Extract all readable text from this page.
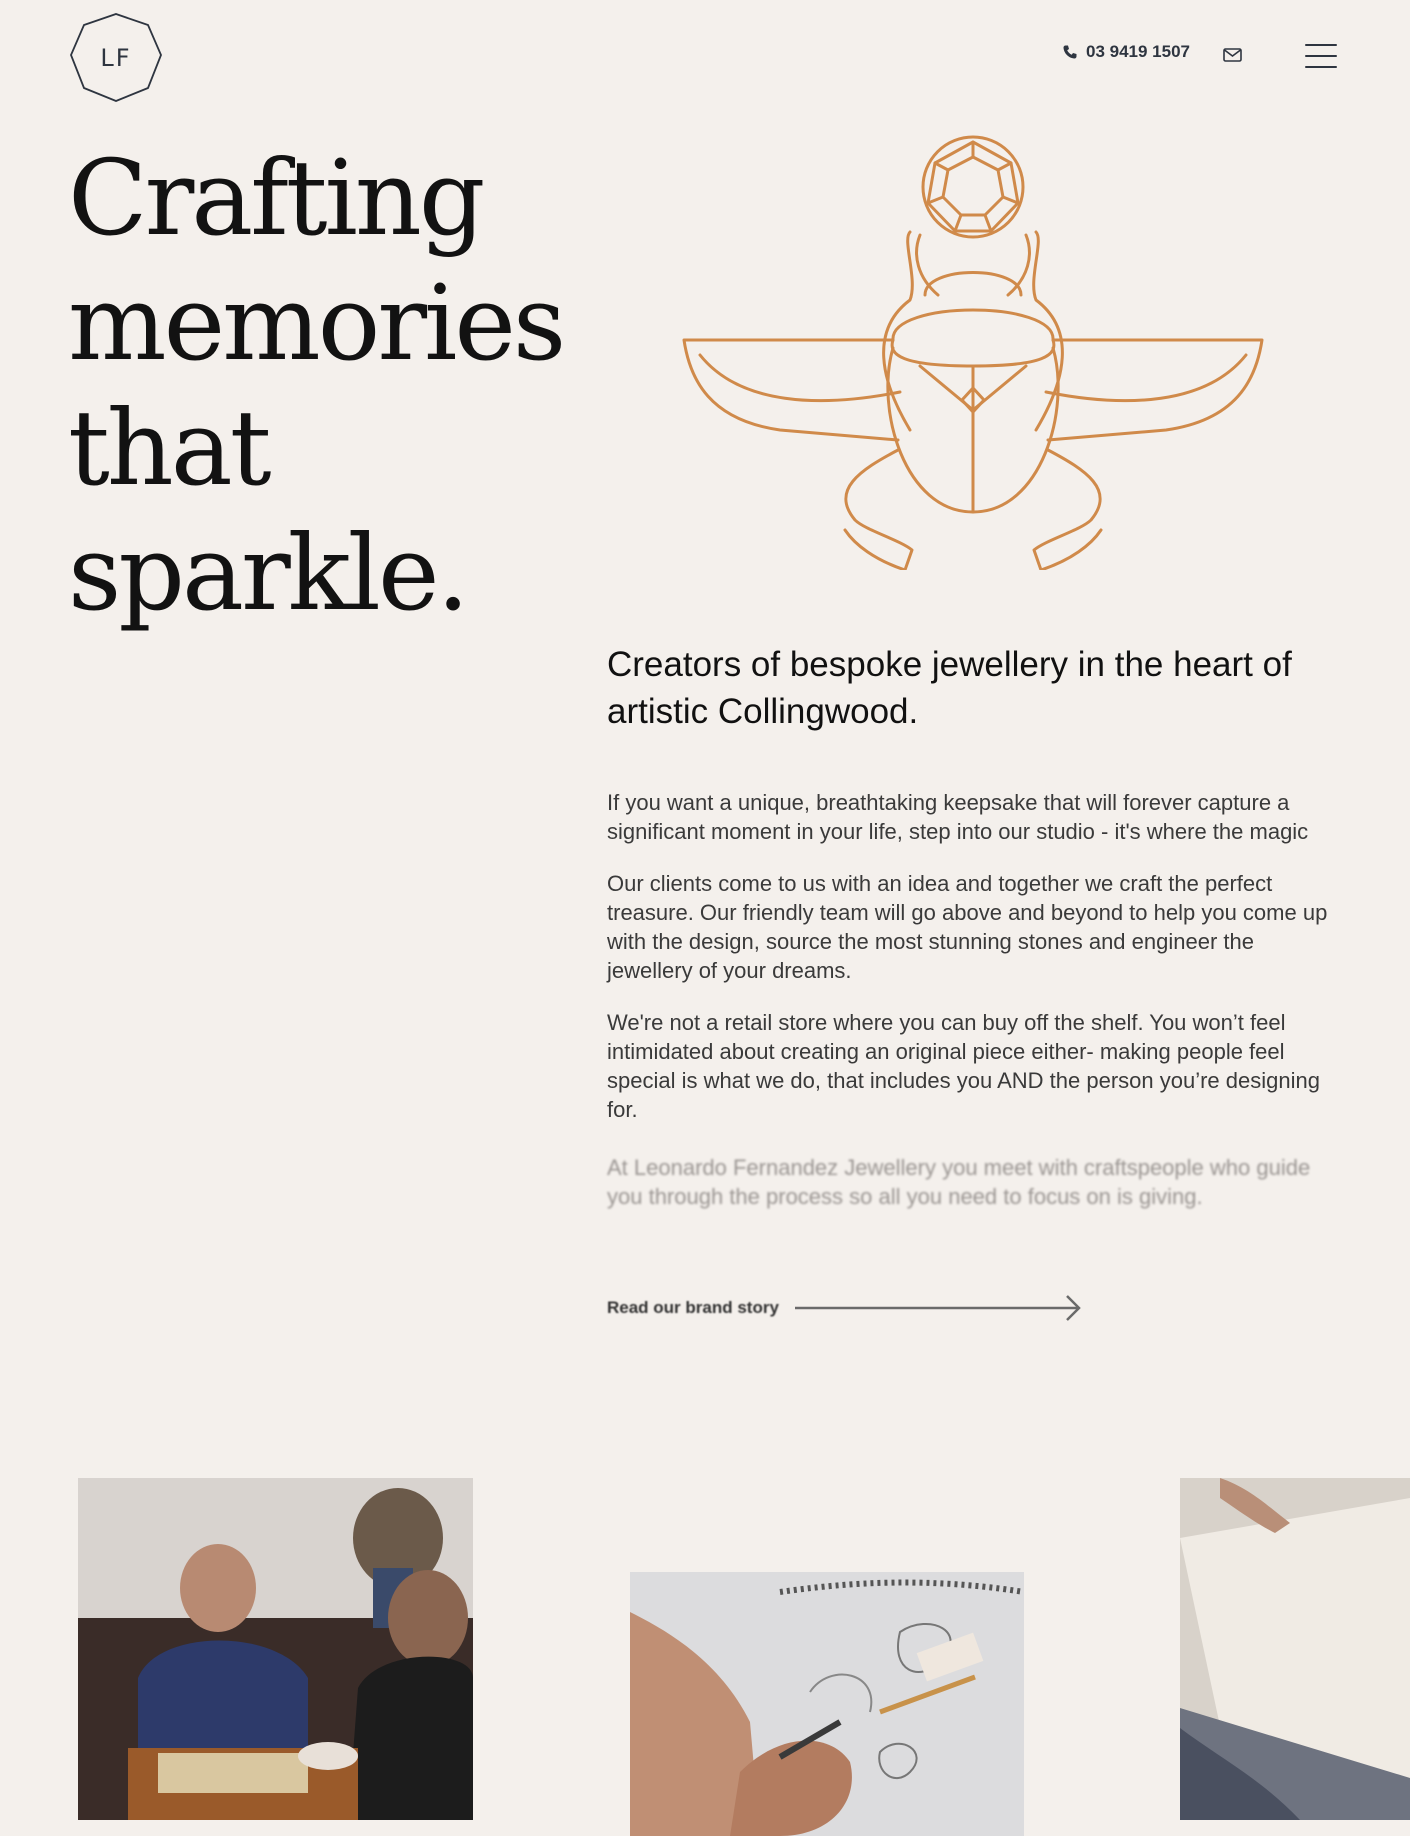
LF	03 9419 1507
Crafting memories that sparkle.
Creators of bespoke jewellery in the heart of artistic Collingwood.

If you want a unique, breathtaking keepsake that will forever capture a significant moment in your life, step into our studio - it's where the magic

Our clients come to us with an idea and together we craft the perfect treasure. Our friendly team will go above and beyond to help you come up with the design, source the most stunning stones and engineer the jewellery of your dreams.

We're not a retail store where you can buy off the shelf. You won’t feel intimidated about creating an original piece either- making people feel special is what we do, that includes you AND the person you’re designing for.

At Leonardo Fernandez Jewellery you meet with craftspeople who guide you through the process so all you need to focus on is giving.

Read our brand story
